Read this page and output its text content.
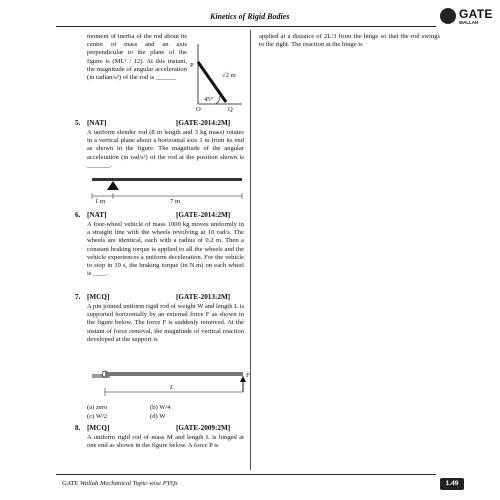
Kinetics of Rigid Bodies	GATE
WALLAH
moment of inertia of the rod about its centre of mass and an axis perpendicular to the plane of the figure is (ML² / 12). At this instant, the magnitude of angular acceleration (in radian/s²) of the rod is ______
P
√2 m
45°
O	Q
5. [NAT]	[GATE-2014:2M]
A uniform slender rod (8 m length and 3 kg mass) rotates in a vertical plane about a horizontal axis 1 m from its end as shown in the figure. The magnitude of the angular acceleration (in rad/s²) of the rod at the position shown is _______.
1 m	7 m
6. [NAT]	[GATE-2014:2M]
A four-wheel vehicle of mass 1000 kg moves uniformly in a straight line with the wheels revolving at 10 rad/s. The wheels are identical, each with a radius of 0.2 m. Then a constant braking torque is applied to all the wheels and the vehicle experiences a uniform deceleration. For the vehicle to stop in 10 s, the braking torque (in N.m) on each wheel is ____.
7. [MCQ]	[GATE-2013:2M]
A pin jointed uniform rigid rod of weight W and length L is supported horizontally by an external force F as shown in the figure below. The force F is suddenly removed. At the instant of force removal, the magnitude of vertical reaction developed at the support is
L
F
(a) zero	(b) W/4
(c) W/2	(d) W
8. [MCQ]	[GATE-2009:2M]
A uniform rigid rod of mass M and length L is hinged at one end as shown in the figure below. A force P is
applied at a distance of 2L/3 from the hinge so that the rod swings to the right. The reaction at the hinge is
GATE Wallah Mechanical Topic-wise PYQs	1.49
